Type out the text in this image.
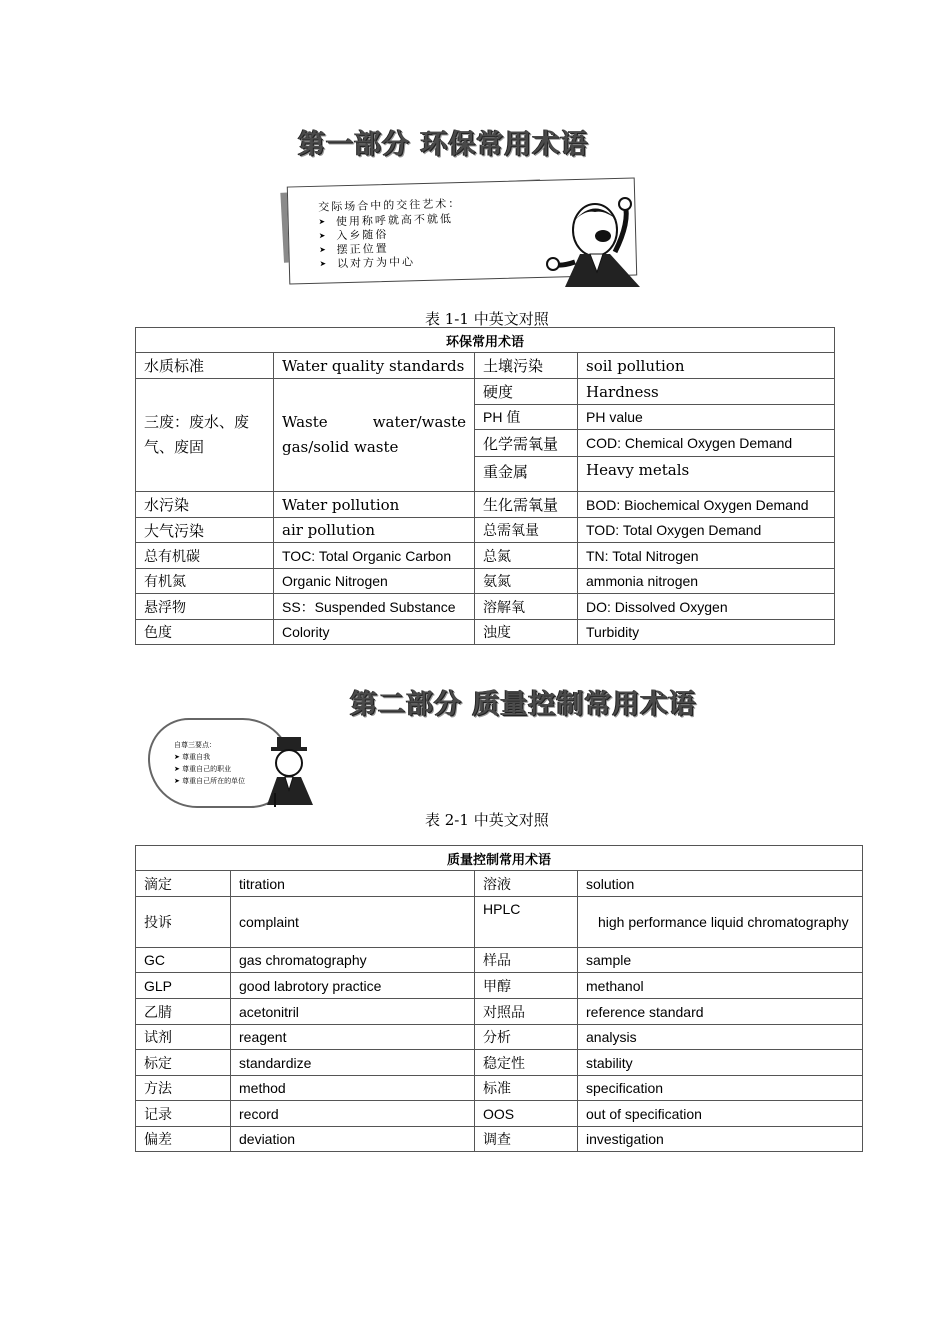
第一部分 环保常用术语
交际场合中的交往艺术：
➤ 使用称呼就高不就低
➤ 入乡随俗
➤ 摆正位置
➤ 以对方为中心
表 1-1 中英文对照
环保常用术语			
水质标准	Water quality standards	土壤污染	soil pollution
三废：废水、废气、废固	Waste water/waste gas/solid waste	硬度	Hardness
		PH 值	PH value
		化学需氧量	COD: Chemical Oxygen Demand
		重金属	Heavy metals
水污染	Water pollution	生化需氧量	BOD: Biochemical Oxygen Demand
大气污染	air pollution	总需氧量	TOD: Total Oxygen Demand
总有机碳	TOC: Total Organic Carbon	总氮	TN: Total Nitrogen
有机氮	Organic Nitrogen	氨氮	ammonia nitrogen
悬浮物	SS：Suspended Substance	溶解氧	DO: Dissolved Oxygen
色度	Colority	浊度	Turbidity
第二部分 质量控制常用术语
自尊三要点：
➤ 尊重自我
➤ 尊重自己的职业
➤ 尊重自己所在的单位
表 2-1 中英文对照
质量控制常用术语			
滴定	titration	溶液	solution
投诉	complaint	HPLC	high performance liquid chromatography
GC	gas chromatography	样品	sample
GLP	good labrotory practice	甲醇	methanol
乙腈	acetonitril	对照品	reference standard
试剂	reagent	分析	analysis
标定	standardize	稳定性	stability
方法	method	标准	specification
记录	record	OOS	out of specification
偏差	deviation	调查	investigation
